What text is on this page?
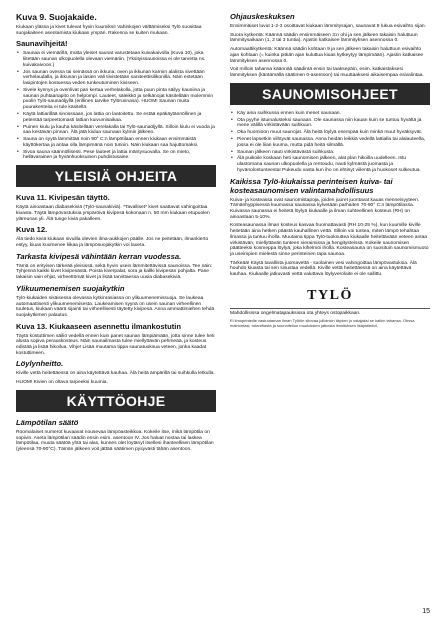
Kuva 9. Suojakaide.
Kiukaan ylässa ja kivet tulevat hyvin kuumiksi! Vahinkojen välttämiseksi Tylö suosittaa suojakaiteen asentamista kiukaan ympäri. Rakenna se kuiten mukaan.
Saunavihjeitä!
• Saunaa ei viemärillä, mutta yleiset saunat varustetaan kuivakaivolla (Kuva 10), joka liitetään saunan ulkopuolella olevaan viemäriin. (Yksityissaunoissa ei ole tarvetta ns. kuivakaivoon.)
• Jos saunan ovessa tai seinässä on ikkuna, oven ja ikkunan karmin alalista sivettään verhelaudalla, ja ikkunan ja lasien väli tiivistetään saniteettisilikonilla. Näin estetään lasipintojen kostuessa veden tunkeutuminen kiviseen.
• Sivele kynnys ja ovenlivat pari kertaa verhelakolla, jotta puun pinta säilyy kauniina ja saunan puhtaanapito on helpompi. Lauteet, säleikkö ja selkänojat käsitellään molemmin puolin Tylö-saunaöljyllä (erillinen tarvike Tylörunnasa). HUOM! Saunan muita puurakenteita ei tule käsitellä.
• Käytä lattiarillää sinosssaan, jos lattia on laatoitettu. Se estää epäkäytännöllinen ja petentää tarpeettomasti lattian kuivumisaikaa.
• Puinen kiulu ja kauha käsitellään verelakalla tai Tylö-saunaöljyllä. Silloin kiulu ei vuoda ja saa kestävän pinnan. Älä jätä kiulua saunaan kylmin jälkeen.
• Sauna on syytä lämmittää noin 90° C:n lämpötilaan ennen kiukaan ensimmäistä käyttökertaa ja antaa olla lämpimänä noin tunnin. Näin kiukaan saa hajuttomaksi.
• Sivoa sauna säännöllisesti. Pese lauteet ja lattia mäntysuovalla. Se on mieto, hellävarainen ja hyvänhuoksuinen puhdistusaine.
YLEISIÄ OHJEITA
Kuva 11. Kivipesän täyttö.
Käytä ainoastaan diabasekiviä (Tylö-saunakiviä). *Tavalliset* kivet saattavat vahingoittaa kiuasta. Täytä lämpövastuksia ympäröivä kivipesä kokonaan n. 50 mm kiukaan etupuolen yläreunan yli. Älä tunge kiviä pakalleen.
Kuva 12.
Älä tiedo kiviä kiukaan sivuilla olevien ilma-aukkojen päälle. Jos ne peitetään, ilmankierto estyy, kiuas kuumenee liikaa ja lämpösuojakytkin voi laueta.
Tarkasta kivipesä vähintään kerran vuodessa.
Tämä on erityisen tärkeää yleisissä, sekä hyvin usein lämmitettävissä saunoissa. Tee näin: Tyhjennä kaikki kivet kivipesästä. Poista kiverpalat, sora ja kallki kivipesän pohjalta. Pane takaisin vain ehjat, virheettömät kivet ja lisää tarvittaessa uusia diabasekiviä.
Ylikuumenemisen suojakytkin
Tylö-kiukaiden sisäisessa olevassa kytkinrasiassa on ylikuumenemissuoja. Se laukeaa automaattisesti ylikuumenemisesta. Laukeamisen syynä on usein saunan virheellinen tuuletus, kiukaan väärä sijainti tai virheellisesti täytetty kivipesä. Anna ammattimiehen tehdä suojakytkimen palautus.
Kuva 13. Kiukaaseen asennettu ilmankostutin
Täytä kostuttimen säiliö vedellä ennen kuin panet saunan lämpiämään, jotta sinne tulee heti alusta sopiva perauskosteus. Näin saunailmasta tulee miellyttävän pehmeää, ja kosteus edistää ja lisää hikoilua. Vihje! Lisää muutama tippa saunatuoksua veteen, jonka kaadat kostuttimeen.
Löylynheitto.
Kiville vettä heitettäessä on aina käytettävä kauhaa. Älä heitä ämpärillä tai suihkulla letkulla.
HUOM! Kivien on oltava tarpeeksi kuumia.
KÄYTTÖOHJE
Lämpötilan säätö
Roomalaiset numerot kuvaavat nousevaa lämpöasteikkoa. Kokeile itse, mikä lämpötila on sopivin. Aseta lämpötilan säädin ensin esim. asentoon IV. Jos haluat nostaa tai laskea lämpötilaa, muuta säätöä yhtä tai alas, kunnes olet löytänyt itsellesi ihanteellisen lämpötilan (yleensä 70-90°C). Tämän jälkeen voit jättää säätimen pysyvästi tähän asentoon.
Ohjauskeskuksen
Ensimmäiset luvut 1-2-3 osoittavat kiukaan lämmitysajan, saunavat 9 lukua esivaihto sijan.
Suora kytkentä: Käännä säädin ensimmäiseen 3:n ohi ja sen jälkeen takaisin haluttuun lämmitysaikaan (1, 2 tai 3 tuntia). Ajastin katkaisee lämmityksen asennossa 0.
Automaattikytkentä: Käännä säädin kohtaan 9 ja sen jälkeen takaisin haluttuun esivaihto ajan kohtaan (= kuinka pitkän ajan kuluttua kiuas kytkeytyy lämpimään). Ajastin katkaisee lämmityksen asennossa 0.
Voit milloin tahansa käännää säädintä ensin tai taaksepäin, esim. katkaistaksesi lämmityksen (käntämällä säätimen 0-asentoon) tai muuttaaksesi aikaisempaa esivalintaa.
SAUNOMISOHJEET
• Käy aina suihkussa ennen kuin menet saunaan.
• Ota pyyhe istuinalusteksi saunaan. Ole saunassa niin kauan kuin se tuntuu hyvältä ja mene välillä virkistävään suihkuun.
• Oka huomioon muut saunojat. Älä heitä löylyä enempää kuin minkä muut hyväksyvät.
• Pienet lapsetkin viihtyvät saunassa. Anna heidän leikkiä vedellä lattialla tai alalauteella, jossa ei ole liian kuuma, mutta pidä heitä silmällä.
• Saunan jälkeen nauti virkistävästä suihkusta.
• Älä puikoile koskaan heti saunomisen jälkeen, alat plan hikoilla uudelleen. Istu ulastomana saunan ulkopuolella ja rentoudu, nauti kylmästä juomasta ja hyvänolontunteesta! Pukeudu vasta kun iho on ehtinyt viilentä ja huokoset sulkeutua.
Kaikissa Tylö-kiukaissa perinteisen kuiva- tai kosteasaunomisen valintamahdollisuus
Kuiva- ja kosteassa ovat saunomistapoja, joiden juuret juontavat kauas menneisyyteen. Tämänhyppisessä kuumassa saunassa kylvetään parhaiten 70-90° C:n lämpötilassa. Kuivassa saunassa ei heitetä löylyä kiukaalle ja ilman suhteellinen kosteus (RH) on ainoastaan 5-10%.
Kosteasaunassa ilman kosteus kasvaa huomattavasti (RH 10-25 %), kun kuumille kiville heitetään aina hetken päästä kauhallinen vettä. Silloin voi tuntea, miten lämpö tehahtaa ilmassa ja tuntuu iholla. Muutama tippa Tylö-tuoksuttea kiukaalle heitettävään veteen antaa virkistävän, miellyttävän tunteen sieraimissa ja hengitysteissä. Kokeile saunomisen päätteeksi kosmeppa löylyä, joka kihelmöi iholla. Kosteasauna on suosituin saunomismuoto ja useimpien mielestä sinne perinteinen tapa saunoa.
Tärkeää! Käytä tavallista juomavettä - suolainen vesi vahingoittaa lämpövastuksia. Älä houhdo kiuasta tai sen sisustaa vedellä. Kiville vettä heitettäessä on aina käytettävä kauhaa. Kiukaalle jatkuvasti vettä valuttava löylyverolaite ei ole sallittu.
TYLÖ
Mahdollisissa ongelmatapauksissa ota yhteys ostopaikkaan.
Ei ilmoprinteille vastuutaman ilman Tylöön sitovaa jolloinkin täyden jo ostajaksi se kaikin tahansa. Ohssa mainontasi, rotanrtiasta ja suunnitellun muutoksien jatkosta ilmoituksen lisäystiedot.
15
